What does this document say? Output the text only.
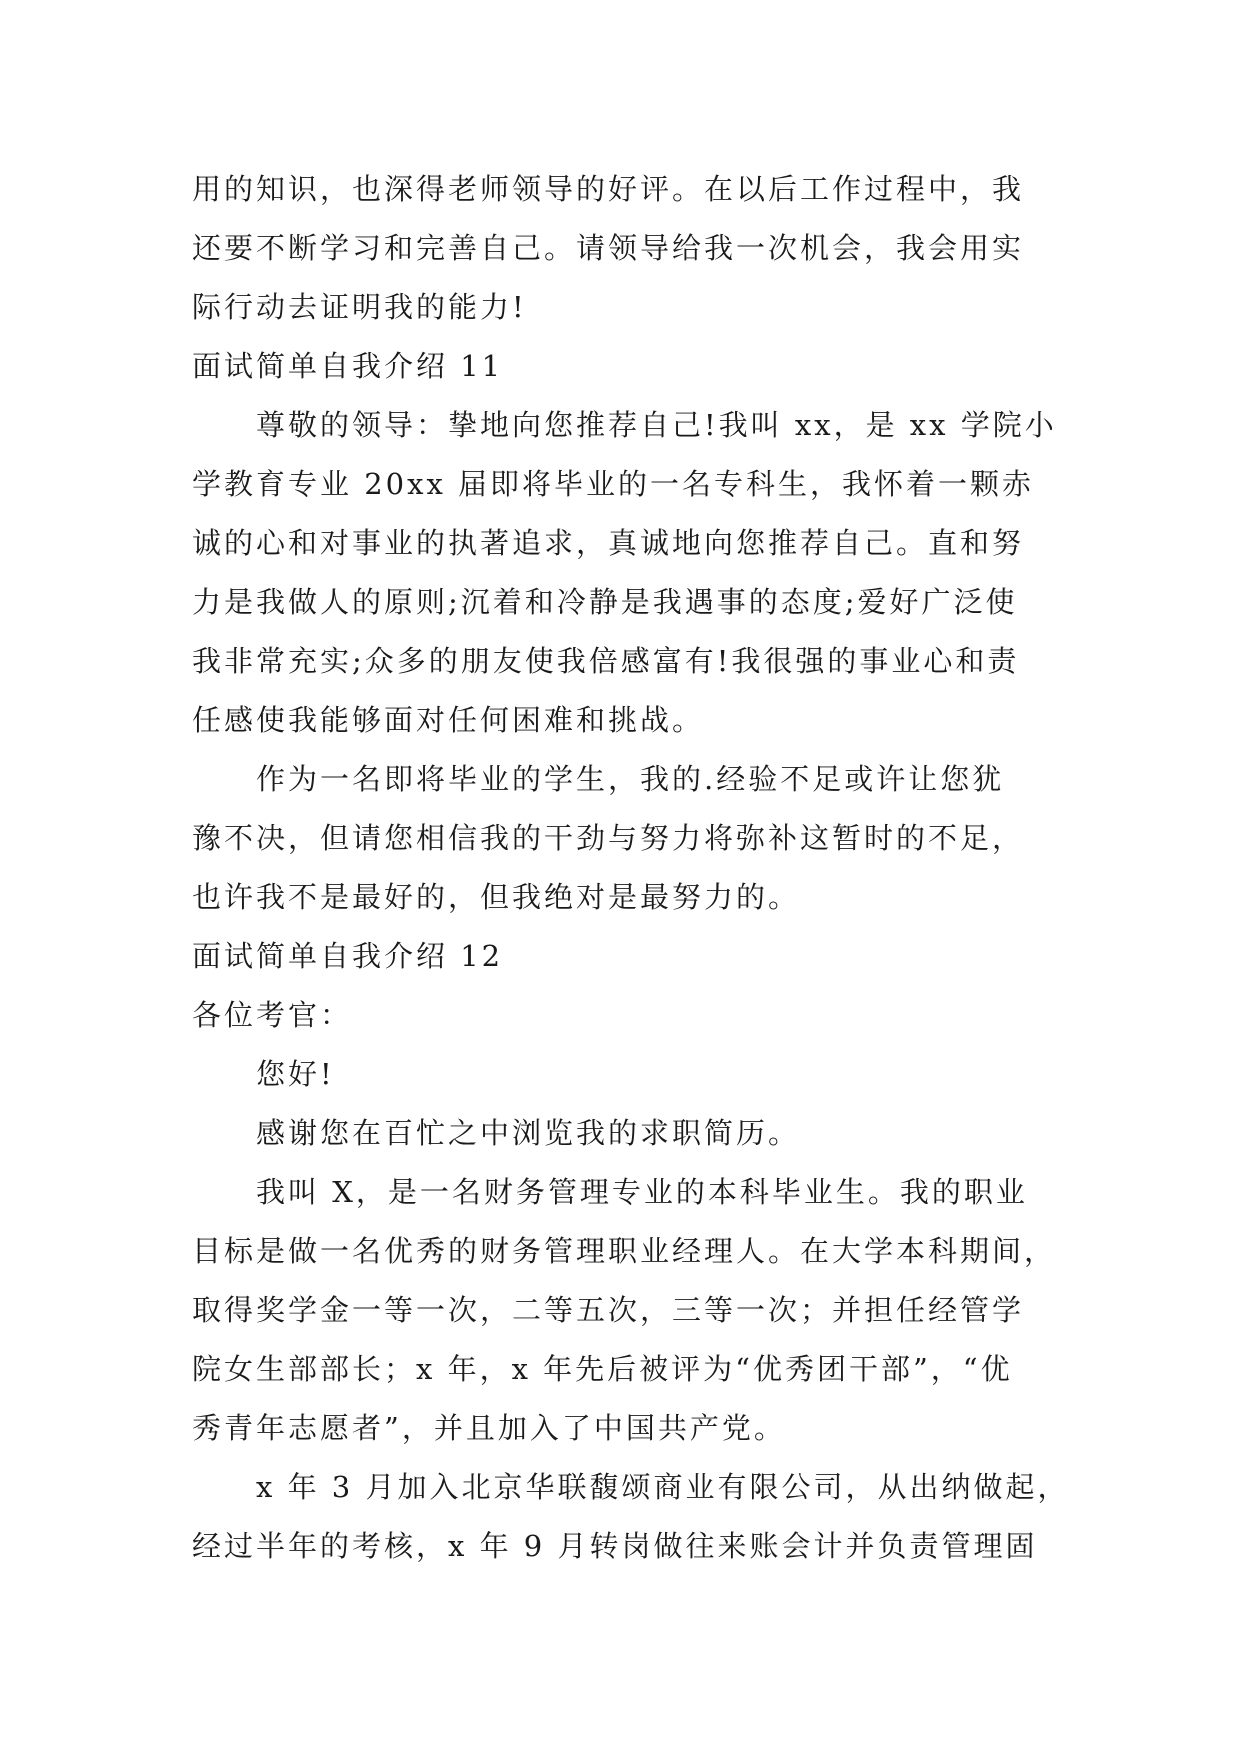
用的知识，也深得老师领导的好评。在以后工作过程中，我
还要不断学习和完善自己。请领导给我一次机会，我会用实
际行动去证明我的能力!
面试简单自我介绍 11
尊敬的领导：挚地向您推荐自己!我叫 xx，是 xx 学院小
学教育专业 20xx 届即将毕业的一名专科生，我怀着一颗赤
诚的心和对事业的执著追求，真诚地向您推荐自己。直和努
力是我做人的原则;沉着和冷静是我遇事的态度;爱好广泛使
我非常充实;众多的朋友使我倍感富有!我很强的事业心和责
任感使我能够面对任何困难和挑战。
作为一名即将毕业的学生，我的.经验不足或许让您犹
豫不决，但请您相信我的干劲与努力将弥补这暂时的不足，
也许我不是最好的，但我绝对是最努力的。
面试简单自我介绍 12
各位考官：
您好!
感谢您在百忙之中浏览我的求职简历。
我叫 X，是一名财务管理专业的本科毕业生。我的职业
目标是做一名优秀的财务管理职业经理人。在大学本科期间，
取得奖学金一等一次，二等五次，三等一次；并担任经管学
院女生部部长；x 年，x 年先后被评为“优秀团干部”，“优
秀青年志愿者”，并且加入了中国共产党。
x 年 3 月加入北京华联馥颂商业有限公司，从出纳做起，
经过半年的考核，x 年 9 月转岗做往来账会计并负责管理固
